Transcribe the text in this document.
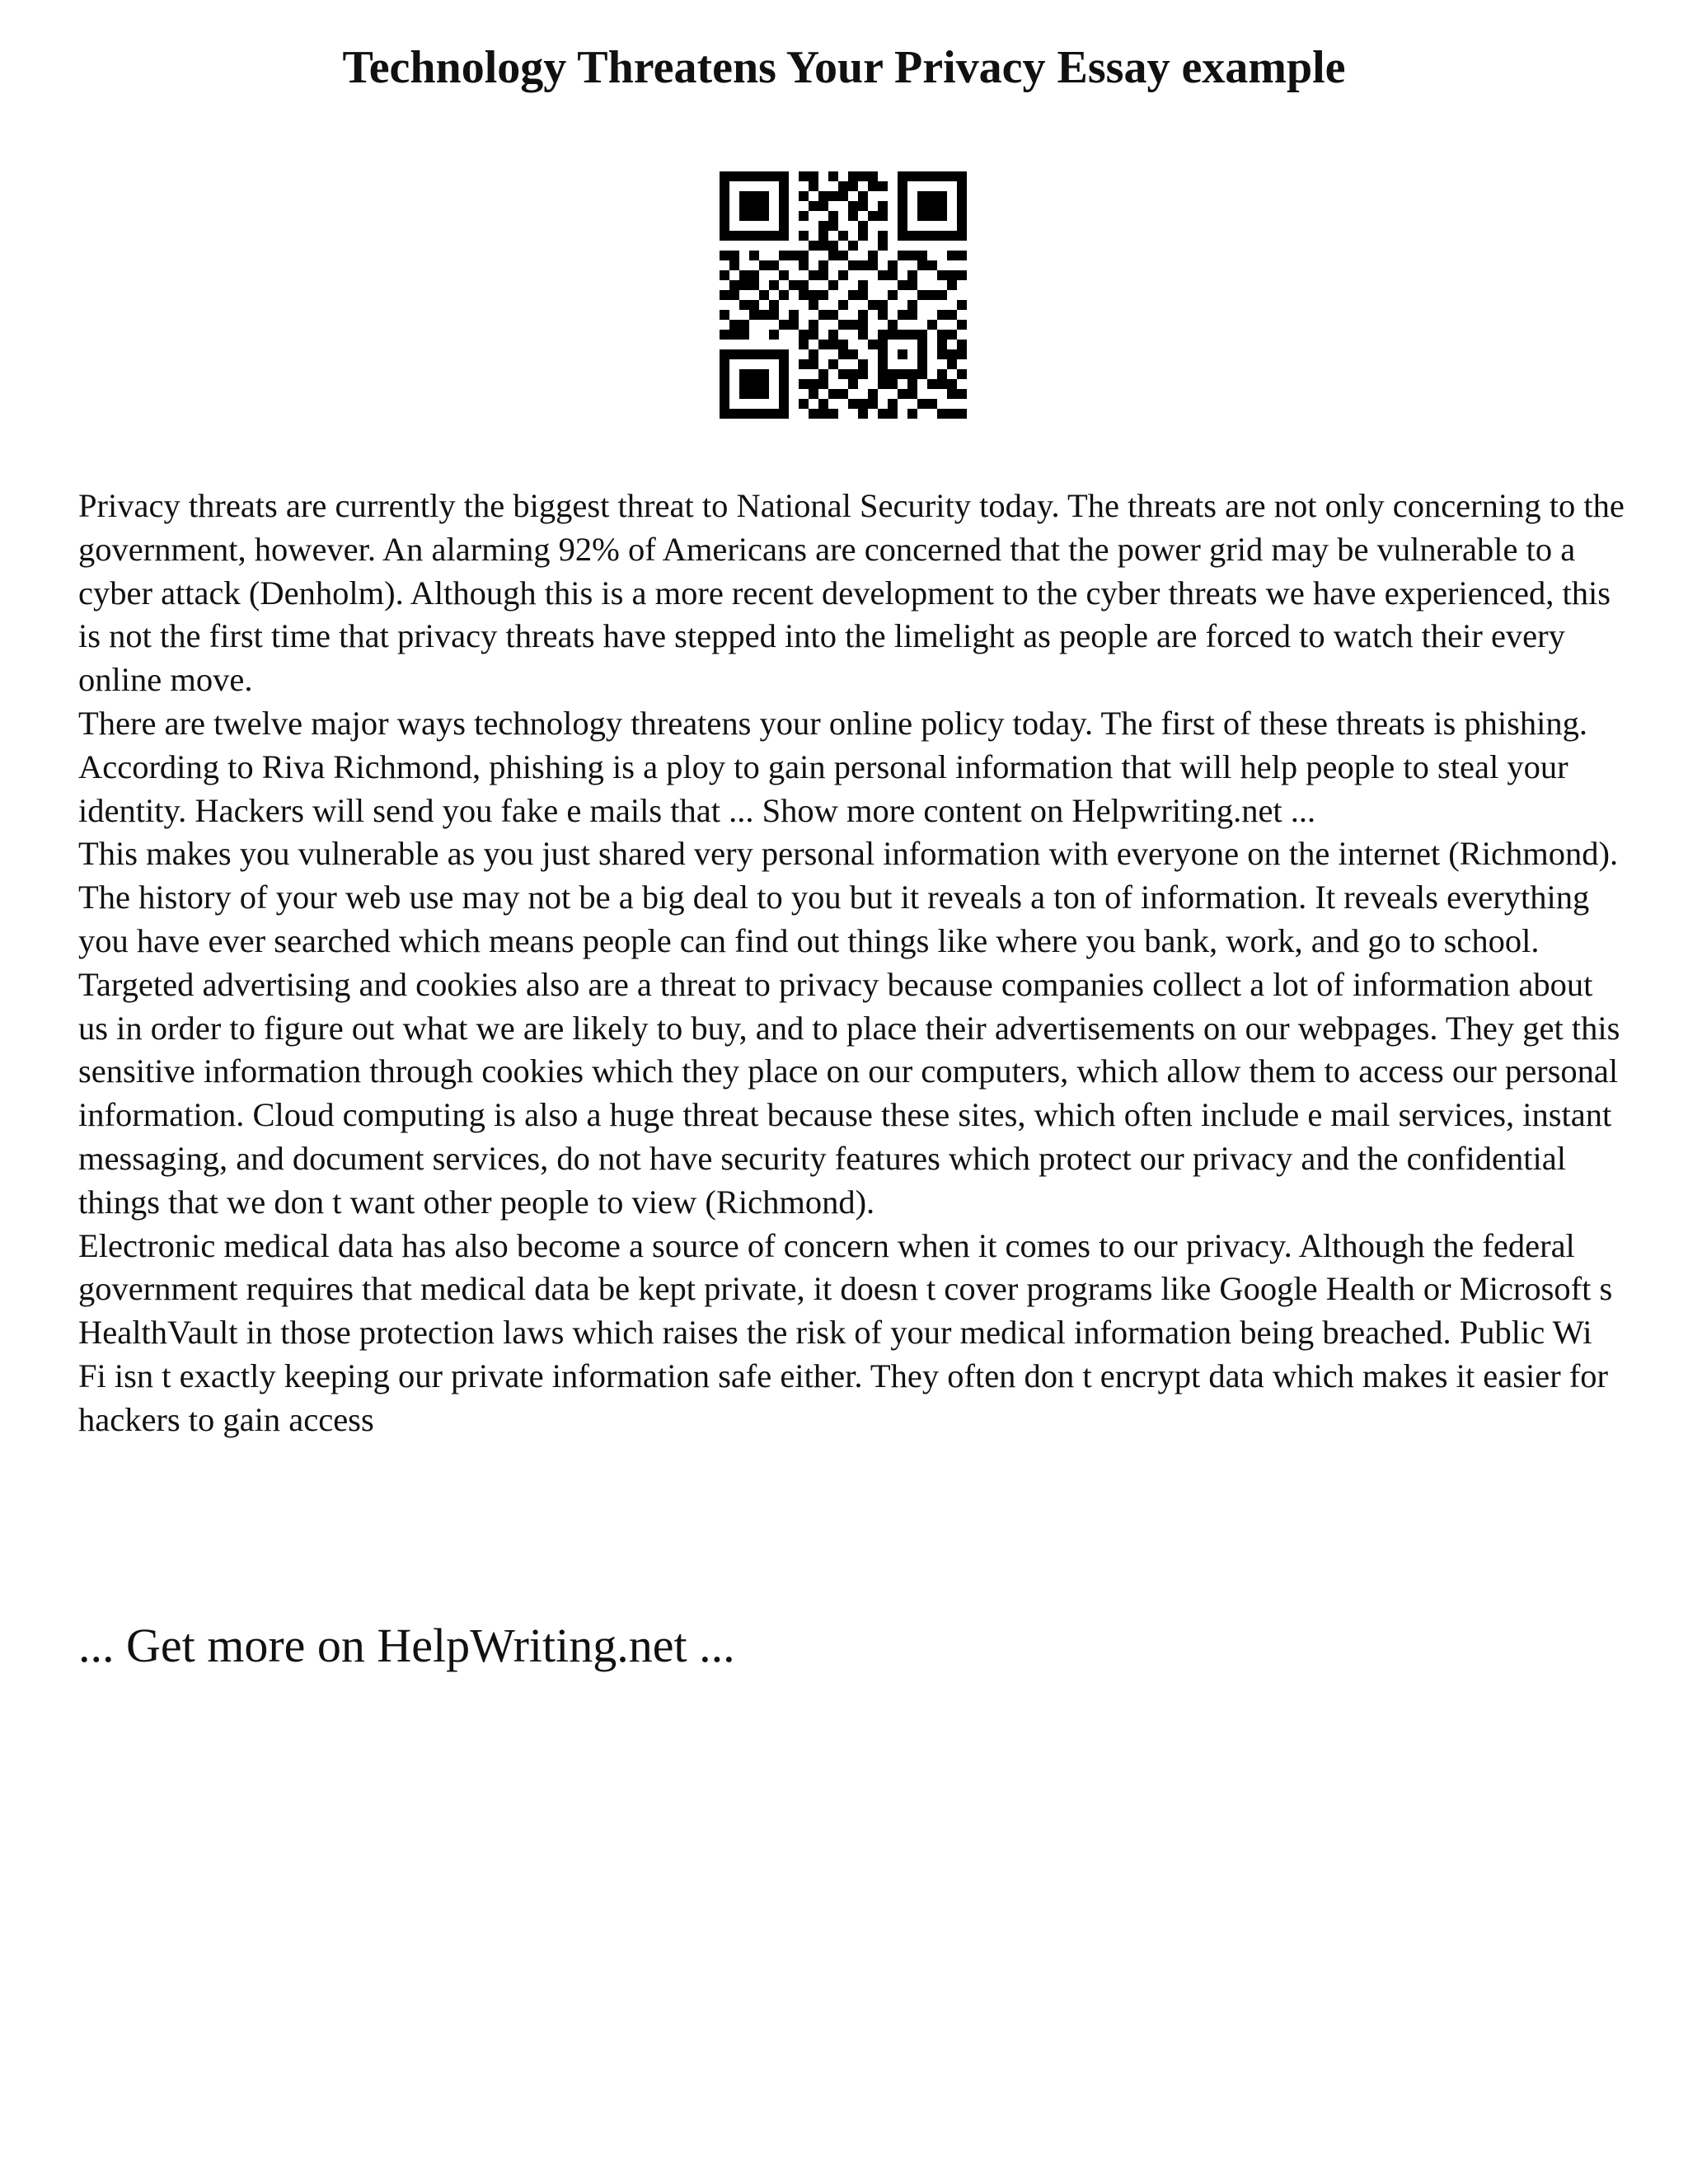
Technology Threatens Your Privacy Essay example

Privacy threats are currently the biggest threat to National Security today. The threats are not only concerning to the government, however. An alarming 92% of Americans are concerned that the power grid may be vulnerable to a cyber attack (Denholm). Although this is a more recent development to the cyber threats we have experienced, this is not the first time that privacy threats have stepped into the limelight as people are forced to watch their every online move.

There are twelve major ways technology threatens your online policy today. The first of these threats is phishing. According to Riva Richmond, phishing is a ploy to gain personal information that will help people to steal your identity. Hackers will send you fake e mails that ... Show more content on Helpwriting.net ...

This makes you vulnerable as you just shared very personal information with everyone on the internet (Richmond).

The history of your web use may not be a big deal to you but it reveals a ton of information. It reveals everything you have ever searched which means people can find out things like where you bank, work, and go to school. Targeted advertising and cookies also are a threat to privacy because companies collect a lot of information about us in order to figure out what we are likely to buy, and to place their advertisements on our webpages. They get this sensitive information through cookies which they place on our computers, which allow them to access our personal information. Cloud computing is also a huge threat because these sites, which often include e mail services, instant messaging, and document services, do not have security features which protect our privacy and the confidential things that we don t want other people to view (Richmond).

Electronic medical data has also become a source of concern when it comes to our privacy. Although the federal government requires that medical data be kept private, it doesn t cover programs like Google Health or Microsoft s HealthVault in those protection laws which raises the risk of your medical information being breached. Public Wi Fi isn t exactly keeping our private information safe either. They often don t encrypt data which makes it easier for hackers to gain access

... Get more on HelpWriting.net ...
